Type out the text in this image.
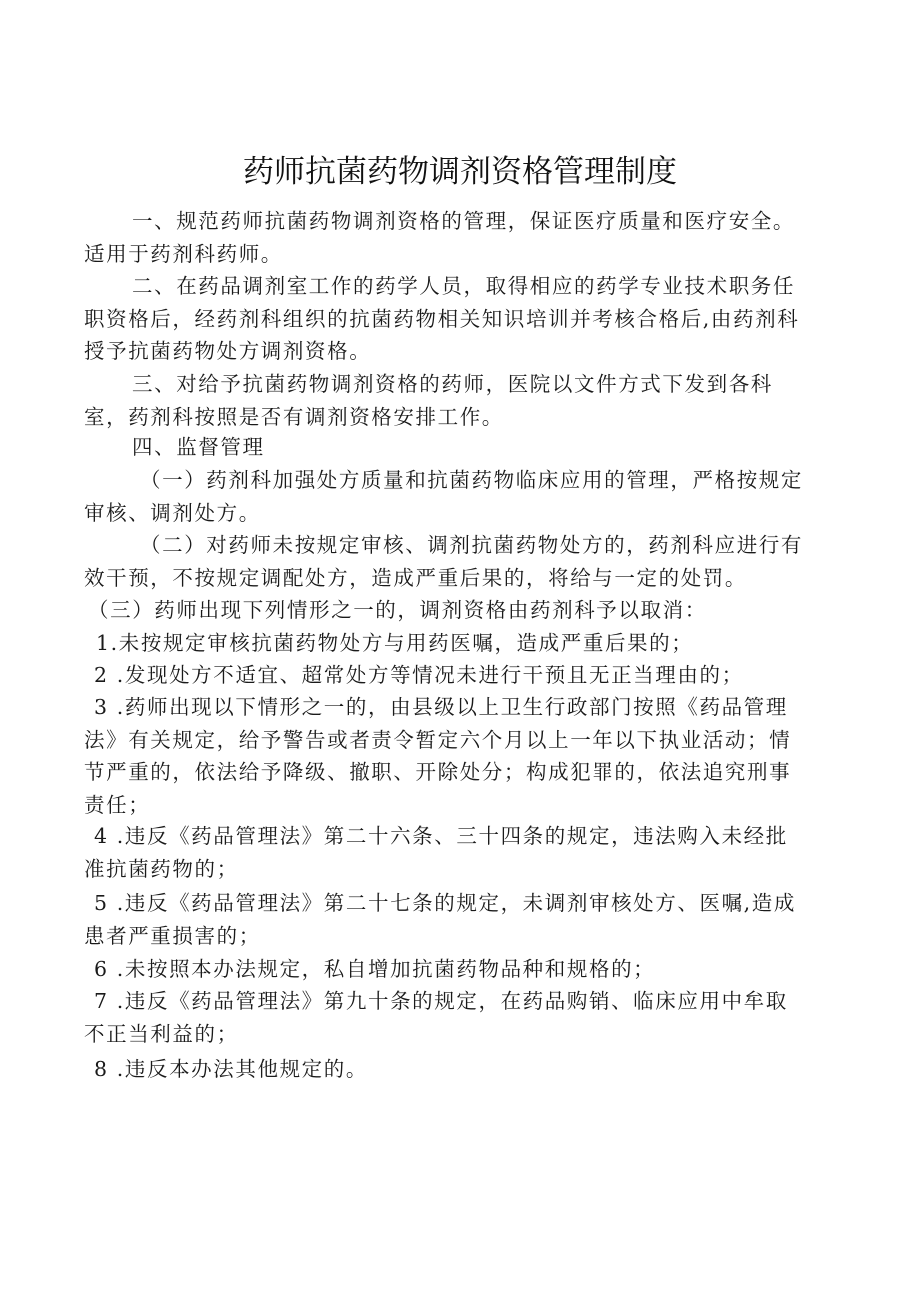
药师抗菌药物调剂资格管理制度
一、规范药师抗菌药物调剂资格的管理，保证医疗质量和医疗安全。
适用于药剂科药师。
二、在药品调剂室工作的药学人员，取得相应的药学专业技术职务任
职资格后，经药剂科组织的抗菌药物相关知识培训并考核合格后,由药剂科
授予抗菌药物处方调剂资格。
三、对给予抗菌药物调剂资格的药师，医院以文件方式下发到各科
室，药剂科按照是否有调剂资格安排工作。
四、监督管理
（一）药剂科加强处方质量和抗菌药物临床应用的管理，严格按规定
审核、调剂处方。
（二）对药师未按规定审核、调剂抗菌药物处方的，药剂科应进行有
效干预，不按规定调配处方，造成严重后果的，将给与一定的处罚。
（三）药师出现下列情形之一的，调剂资格由药剂科予以取消：
1.未按规定审核抗菌药物处方与用药医嘱，造成严重后果的；
2 .发现处方不适宜、超常处方等情况未进行干预且无正当理由的；
3 .药师出现以下情形之一的，由县级以上卫生行政部门按照《药品管理
法》有关规定，给予警告或者责令暂定六个月以上一年以下执业活动；情
节严重的，依法给予降级、撤职、开除处分；构成犯罪的，依法追究刑事
责任；
4 .违反《药品管理法》第二十六条、三十四条的规定，违法购入未经批
准抗菌药物的；
5 .违反《药品管理法》第二十七条的规定，未调剂审核处方、医嘱,造成
患者严重损害的；
6 .未按照本办法规定，私自增加抗菌药物品种和规格的；
7 .违反《药品管理法》第九十条的规定，在药品购销、临床应用中牟取
不正当利益的；
8 .违反本办法其他规定的。
